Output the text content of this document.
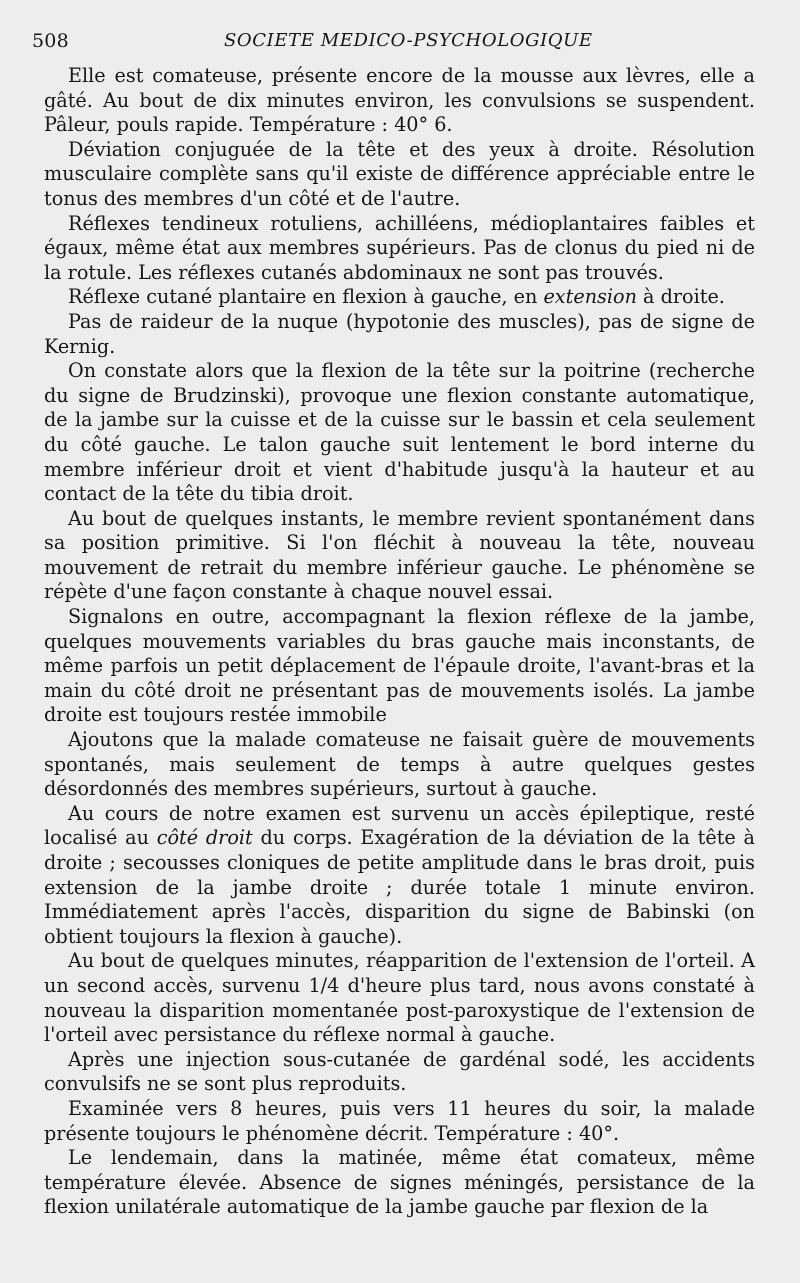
508	SOCIETE MEDICO-PSYCHOLOGIQUE

Elle est comateuse, présente encore de la mousse aux lèvres, elle a gâté. Au bout de dix minutes environ, les convulsions se suspendent. Pâleur, pouls rapide. Température : 40° 6.

Déviation conjuguée de la tête et des yeux à droite. Résolution musculaire complète sans qu'il existe de différence appréciable entre le tonus des membres d'un côté et de l'autre.

Réflexes tendineux rotuliens, achilléens, médioplantaires faibles et égaux, même état aux membres supérieurs. Pas de clonus du pied ni de la rotule. Les réflexes cutanés abdominaux ne sont pas trouvés.

Réflexe cutané plantaire en flexion à gauche, en extension à droite.

Pas de raideur de la nuque (hypotonie des muscles), pas de signe de Kernig.

On constate alors que la flexion de la tête sur la poitrine (recherche du signe de Brudzinski), provoque une flexion constante automatique, de la jambe sur la cuisse et de la cuisse sur le bassin et cela seulement du côté gauche. Le talon gauche suit lentement le bord interne du membre inférieur droit et vient d'habitude jusqu'à la hauteur et au contact de la tête du tibia droit.

Au bout de quelques instants, le membre revient spontanément dans sa position primitive. Si l'on fléchit à nouveau la tête, nouveau mouvement de retrait du membre inférieur gauche. Le phénomène se répète d'une façon constante à chaque nouvel essai.

Signalons en outre, accompagnant la flexion réflexe de la jambe, quelques mouvements variables du bras gauche mais inconstants, de même parfois un petit déplacement de l'épaule droite, l'avant-bras et la main du côté droit ne présentant pas de mouvements isolés. La jambe droite est toujours restée immobile

Ajoutons que la malade comateuse ne faisait guère de mouvements spontanés, mais seulement de temps à autre quelques gestes désordonnés des membres supérieurs, surtout à gauche.

Au cours de notre examen est survenu un accès épileptique, resté localisé au côté droit du corps. Exagération de la déviation de la tête à droite ; secousses cloniques de petite amplitude dans le bras droit, puis extension de la jambe droite ; durée totale 1 minute environ. Immédiatement après l'accès, disparition du signe de Babinski (on obtient toujours la flexion à gauche).

Au bout de quelques minutes, réapparition de l'extension de l'orteil. A un second accès, survenu 1/4 d'heure plus tard, nous avons constaté à nouveau la disparition momentanée post-paroxystique de l'extension de l'orteil avec persistance du réflexe normal à gauche.

Après une injection sous-cutanée de gardénal sodé, les accidents convulsifs ne se sont plus reproduits.

Examinée vers 8 heures, puis vers 11 heures du soir, la malade présente toujours le phénomène décrit. Température : 40°.

Le lendemain, dans la matinée, même état comateux, même température élevée. Absence de signes méningés, persistance de la flexion unilatérale automatique de la jambe gauche par flexion de la
